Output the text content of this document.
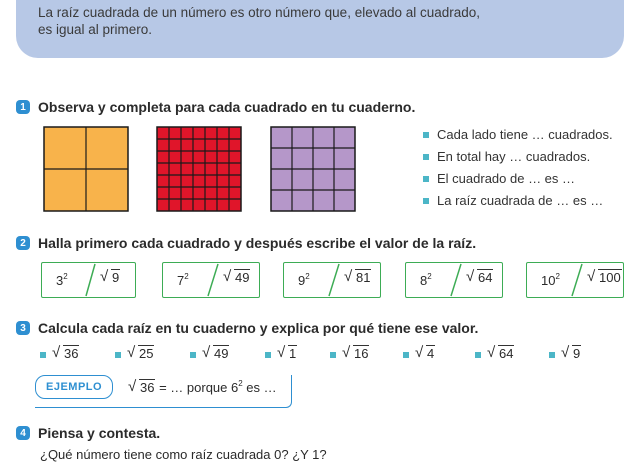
La raíz cuadrada de un número es otro número que, elevado al cuadrado,
es igual al primero.
1 Observa y completa para cada cuadrado en tu cuaderno.
Cada lado tiene … cuadrados.
En total hay … cuadrados.
El cuadrado de … es …
La raíz cuadrada de … es …
2 Halla primero cada cuadrado y después escribe el valor de la raíz.
$3^2$	√ 9	$7^2$	√ 49	$9^2$	√ 81	$8^2$	√ 64	$10^2$	√ 100
3 Calcula cada raíz en tu cuaderno y explica por qué tiene ese valor.
√ 36	√ 25	√ 49	√ 1	√ 16	√ 4	√ 64	√ 9
EJEMPLO	√ 36 = … porque $6^2$ es …
4 Piensa y contesta.
¿Qué número tiene como raíz cuadrada 0? ¿Y 1?
